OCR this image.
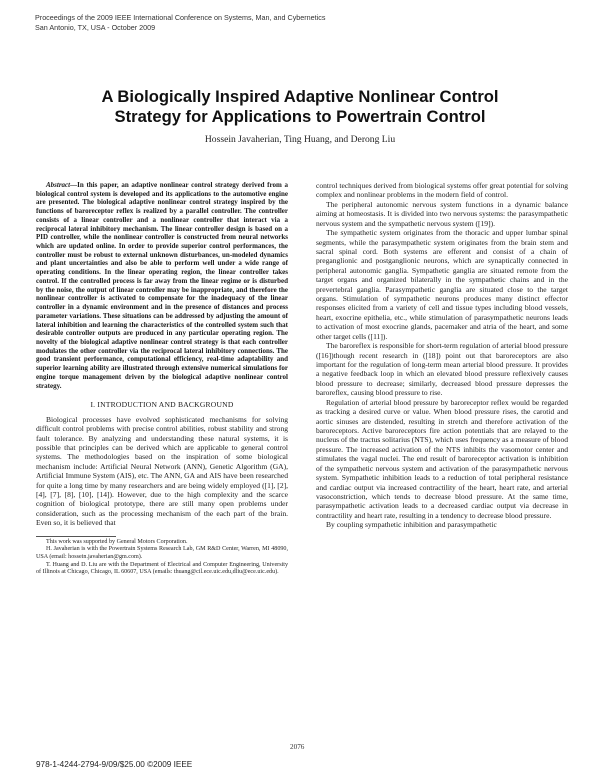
Proceedings of the 2009 IEEE International Conference on Systems, Man, and Cybernetics
San Antonio, TX, USA - October 2009
A Biologically Inspired Adaptive Nonlinear Control
Strategy for Applications to Powertrain Control
Hossein Javaherian, Ting Huang, and Derong Liu

Abstract—In this paper, an adaptive nonlinear control strategy derived from a biological control system is developed and its applications to the automotive engine are presented. The biological adaptive nonlinear control strategy inspired by the functions of baroreceptor reflex is realized by a parallel controller. The controller consists of a linear controller and a nonlinear controller that interact via a reciprocal lateral inhibitory mechanism. The linear controller design is based on a PID controller, while the nonlinear controller is constructed from neural networks which are updated online. In order to provide superior control performances, the controller must be robust to external unknown disturbances, un-modeled dynamics and plant uncertainties and also be able to perform well under a wide range of operating conditions. In the linear operating region, the linear controller takes control. If the controlled process is far away from the linear regime or is disturbed by the noise, the output of linear controller may be inappropriate, and therefore the nonlinear controller is activated to compensate for the inadequacy of the linear controller in a dynamic environment and in the presence of distances and process parameter variations. These situations can be addressed by adjusting the amount of lateral inhibition and learning the characteristics of the controlled system such that desirable controller outputs are produced in any particular operating region. The novelty of the biological adaptive nonlinear control strategy is that each controller modulates the other controller via the reciprocal lateral inhibitory connections. The good transient performance, computational efficiency, real-time adaptability and superior learning ability are illustrated through extensive numerical simulations for engine torque management driven by the biological adaptive nonlinear control strategy.

I. INTRODUCTION AND BACKGROUND

Biological processes have evolved sophisticated mechanisms for solving difficult control problems with precise control abilities, robust stability and strong fault tolerance. By analyzing and understanding these natural systems, it is possible that principles can be derived which are applicable to general control systems. The methodologies based on the inspiration of some biological mechanism include: Artificial Neural Network (ANN), Genetic Algorithm (GA), Artificial Immune System (AIS), etc. The ANN, GA and AIS have been researched for quite a long time by many researchers and are being widely employed ([1], [2], [4], [7], [8], [10], [14]). However, due to the high complexity and the scarce cognition of biological prototype, there are still many open problems under consideration, such as the processing mechanism of the each part of the brain. Even so, it is believed that

This work was supported by General Motors Corporation.

H. Javaherian is with the Powertrain Systems Research Lab, GM R&D Center, Warren, MI 48090, USA (email: hossein.javaherian@gm.com).

T. Huang and D. Liu are with the Department of Electrical and Computer Engineering, University of Illinois at Chicago, Chicago, IL 60607, USA (emails: thuang@cil.ece.uic.edu,dliu@ece.uic.edu).

control techniques derived from biological systems offer great potential for solving complex and nonlinear problems in the modern field of control.

The peripheral autonomic nervous system functions in a dynamic balance aiming at homeostasis. It is divided into two nervous systems: the parasympathetic nervous system and the sympathetic nervous system ([19]).

The sympathetic system originates from the thoracic and upper lumbar spinal segments, while the parasympathetic system originates from the brain stem and sacral spinal cord. Both systems are efferent and consist of a chain of preganglionic and postganglionic neurons, which are synaptically connected in peripheral autonomic ganglia. Sympathetic ganglia are situated remote from the target organs and organized bilaterally in the sympathetic chains and in the prevertebral ganglia. Parasympathetic ganglia are situated close to the target organs. Stimulation of sympathetic neurons produces many distinct effector responses elicited from a variety of cell and tissue types including blood vessels, heart, exocrine epithelia, etc., while stimulation of parasympathetic neurons leads to activation of most exocrine glands, pacemaker and atria of the heart, and some other target cells ([11]).

The baroreflex is responsible for short-term regulation of arterial blood pressure ([16])though recent research in ([18]) point out that baroreceptors are also important for the regulation of long-term mean arterial blood pressure. It provides a negative feedback loop in which an elevated blood pressure reflexively causes blood pressure to decrease; similarly, decreased blood pressure depresses the baroreflex, causing blood pressure to rise.

Regulation of arterial blood pressure by baroreceptor reflex would be regarded as tracking a desired curve or value. When blood pressure rises, the carotid and aortic sinuses are distended, resulting in stretch and therefore activation of the baroreceptors. Active baroreceptors fire action potentials that are relayed to the nucleus of the tractus solitarius (NTS), which uses frequency as a measure of blood pressure. The increased activation of the NTS inhibits the vasomotor center and stimulates the vagal nuclei. The end result of baroreceptor activation is inhibition of the sympathetic nervous system and activation of the parasympathetic nervous system. Sympathetic inhibition leads to a reduction of total peripheral resistance and cardiac output via increased contractility of the heart, heart rate, and arterial vasoconstriction, which tends to decrease blood pressure. At the same time, parasympathetic activation leads to a decreased cardiac output via decrease in contractility and heart rate, resulting in a tendency to decrease blood pressure.

By coupling sympathetic inhibition and parasympathetic

2076
978-1-4244-2794-9/09/$25.00 ©2009 IEEE
